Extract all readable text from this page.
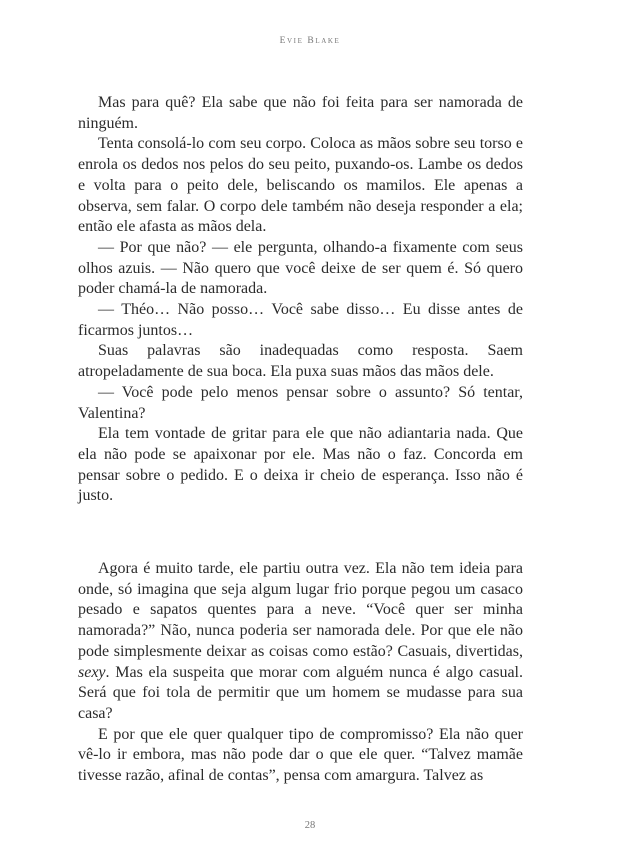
Evie Blake

Mas para quê? Ela sabe que não foi feita para ser namorada de ninguém.

Tenta consolá-lo com seu corpo. Coloca as mãos sobre seu torso e enrola os dedos nos pelos do seu peito, puxando-os. Lambe os dedos e volta para o peito dele, beliscando os mamilos. Ele apenas a observa, sem falar. O corpo dele também não deseja responder a ela; então ele afasta as mãos dela.

— Por que não? — ele pergunta, olhando-a fixamente com seus olhos azuis. — Não quero que você deixe de ser quem é. Só quero poder chamá-la de namorada.

— Théo… Não posso… Você sabe disso… Eu disse antes de ficarmos juntos…

Suas palavras são inadequadas como resposta. Saem atropeladamente de sua boca. Ela puxa suas mãos das mãos dele.

— Você pode pelo menos pensar sobre o assunto? Só tentar, Valentina?

Ela tem vontade de gritar para ele que não adiantaria nada. Que ela não pode se apaixonar por ele. Mas não o faz. Concorda em pensar sobre o pedido. E o deixa ir cheio de esperança. Isso não é justo.

Agora é muito tarde, ele partiu outra vez. Ela não tem ideia para onde, só imagina que seja algum lugar frio porque pegou um casaco pesado e sapatos quentes para a neve. “Você quer ser minha namorada?” Não, nunca poderia ser namorada dele. Por que ele não pode simplesmente deixar as coisas como estão? Casuais, divertidas, sexy. Mas ela suspeita que morar com alguém nunca é algo casual. Será que foi tola de permitir que um homem se mudasse para sua casa?

E por que ele quer qualquer tipo de compromisso? Ela não quer vê-lo ir embora, mas não pode dar o que ele quer. “Talvez mamãe tivesse razão, afinal de contas”, pensa com amargura. Talvez as

28
